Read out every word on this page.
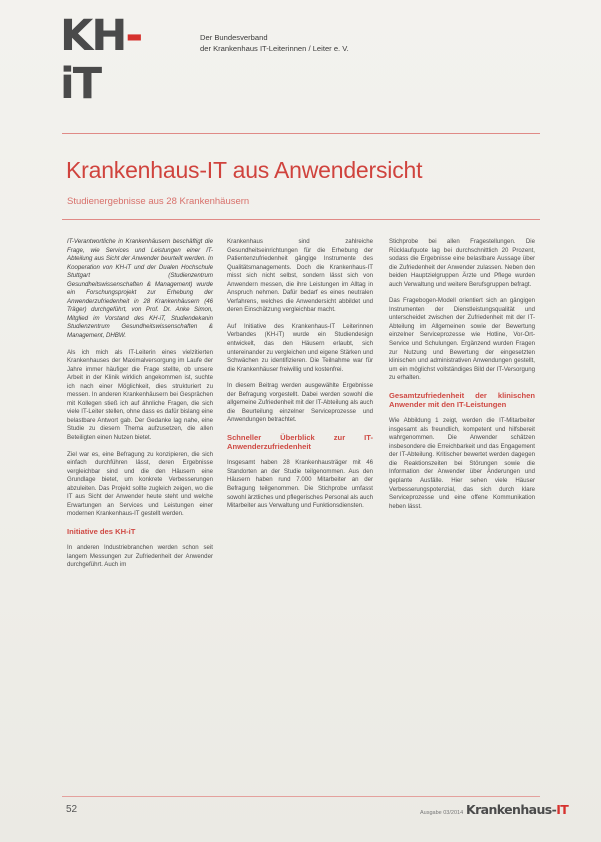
KH-iT
Der Bundesverband
der Krankenhaus IT-Leiterinnen / Leiter e. V.
Krankenhaus-IT aus Anwendersicht
Studienergebnisse aus 28 Krankenhäusern

IT-Verantwortliche in Krankenhäusern beschäftigt die Frage, wie Services und Leistungen einer IT-Abteilung aus Sicht der Anwender beurteilt werden. In Kooperation von KH-iT und der Dualen Hochschule Stuttgart (Studienzentrum Gesundheitswissenschaften & Management) wurde ein Forschungsprojekt zur Erhebung der Anwenderzufriedenheit in 28 Krankenhäusern (46 Träger) durchgeführt, von Prof. Dr. Anke Simon, Mitglied im Vorstand des KH-iT, Studiendekanin Studienzentrum Gesundheitswissenschaften & Management, DHBW.

Als ich mich als IT-Leiterin eines vielzitierten Krankenhauses der Maximalversorgung im Laufe der Jahre immer häufiger die Frage stellte, ob unsere Arbeit in der Klinik wirklich angekommen ist, suchte ich nach einer Möglichkeit, dies strukturiert zu messen. In anderen Krankenhäusern bei Gesprächen mit Kollegen stieß ich auf ähnliche Fragen, die sich viele IT-Leiter stellen, ohne dass es dafür bislang eine belastbare Antwort gab. Der Gedanke lag nahe, eine Studie zu diesem Thema aufzusetzen, die allen Beteiligten einen Nutzen bietet.

Ziel war es, eine Befragung zu konzipieren, die sich einfach durchführen lässt, deren Ergebnisse vergleichbar sind und die den Häusern eine Grundlage bietet, um konkrete Verbesserungen abzuleiten. Das Projekt sollte zugleich zeigen, wo die IT aus Sicht der Anwender heute steht und welche Erwartungen an Services und Leistungen einer modernen Krankenhaus-IT gestellt werden.

Initiative des KH-iT

In anderen Industriebranchen werden schon seit langem Messungen zur Zufriedenheit der Anwender durchgeführt. Auch im

Krankenhaus sind zahlreiche Gesundheitseinrichtungen für die Erhebung der Patientenzufriedenheit gängige Instrumente des Qualitätsmanagements. Doch die Krankenhaus-IT misst sich nicht selbst, sondern lässt sich von Anwendern messen, die ihre Leistungen im Alltag in Anspruch nehmen. Dafür bedarf es eines neutralen Verfahrens, welches die Anwendersicht abbildet und deren Einschätzung vergleichbar macht.

Auf Initiative des Krankenhaus-IT Leiterinnen Verbandes (KH-iT) wurde ein Studiendesign entwickelt, das den Häusern erlaubt, sich untereinander zu vergleichen und eigene Stärken und Schwächen zu identifizieren. Die Teilnahme war für die Krankenhäuser freiwillig und kostenfrei.

In diesem Beitrag werden ausgewählte Ergebnisse der Befragung vorgestellt. Dabei werden sowohl die allgemeine Zufriedenheit mit der IT-Abteilung als auch die Beurteilung einzelner Serviceprozesse und Anwendungen betrachtet.

Schneller Überblick zur IT-Anwenderzufriedenheit

Insgesamt haben 28 Krankenhausträger mit 46 Standorten an der Studie teilgenommen. Aus den Häusern haben rund 7.000 Mitarbeiter an der Befragung teilgenommen. Die Stichprobe umfasst sowohl ärztliches und pflegerisches Personal als auch Mitarbeiter aus Verwaltung und Funktionsdiensten.

Stichprobe bei allen Fragestellungen. Die Rücklaufquote lag bei durchschnittlich 20 Prozent, sodass die Ergebnisse eine belastbare Aussage über die Zufriedenheit der Anwender zulassen. Neben den beiden Hauptzielgruppen Ärzte und Pflege wurden auch Verwaltung und weitere Berufsgruppen befragt.

Das Fragebogen-Modell orientiert sich an gängigen Instrumenten der Dienstleistungsqualität und unterscheidet zwischen der Zufriedenheit mit der IT-Abteilung im Allgemeinen sowie der Bewertung einzelner Serviceprozesse wie Hotline, Vor-Ort-Service und Schulungen. Ergänzend wurden Fragen zur Nutzung und Bewertung der eingesetzten klinischen und administrativen Anwendungen gestellt, um ein möglichst vollständiges Bild der IT-Versorgung zu erhalten.

Gesamtzufriedenheit der klinischen Anwender mit den IT-Leistungen

Wie Abbildung 1 zeigt, werden die IT-Mitarbeiter insgesamt als freundlich, kompetent und hilfsbereit wahrgenommen. Die Anwender schätzen insbesondere die Erreichbarkeit und das Engagement der IT-Abteilung. Kritischer bewertet werden dagegen die Reaktionszeiten bei Störungen sowie die Information der Anwender über Änderungen und geplante Ausfälle. Hier sehen viele Häuser Verbesserungspotenzial, das sich durch klare Serviceprozesse und eine offene Kommunikation heben lässt.

52	Ausgabe 03/2014 Krankenhaus-IT
